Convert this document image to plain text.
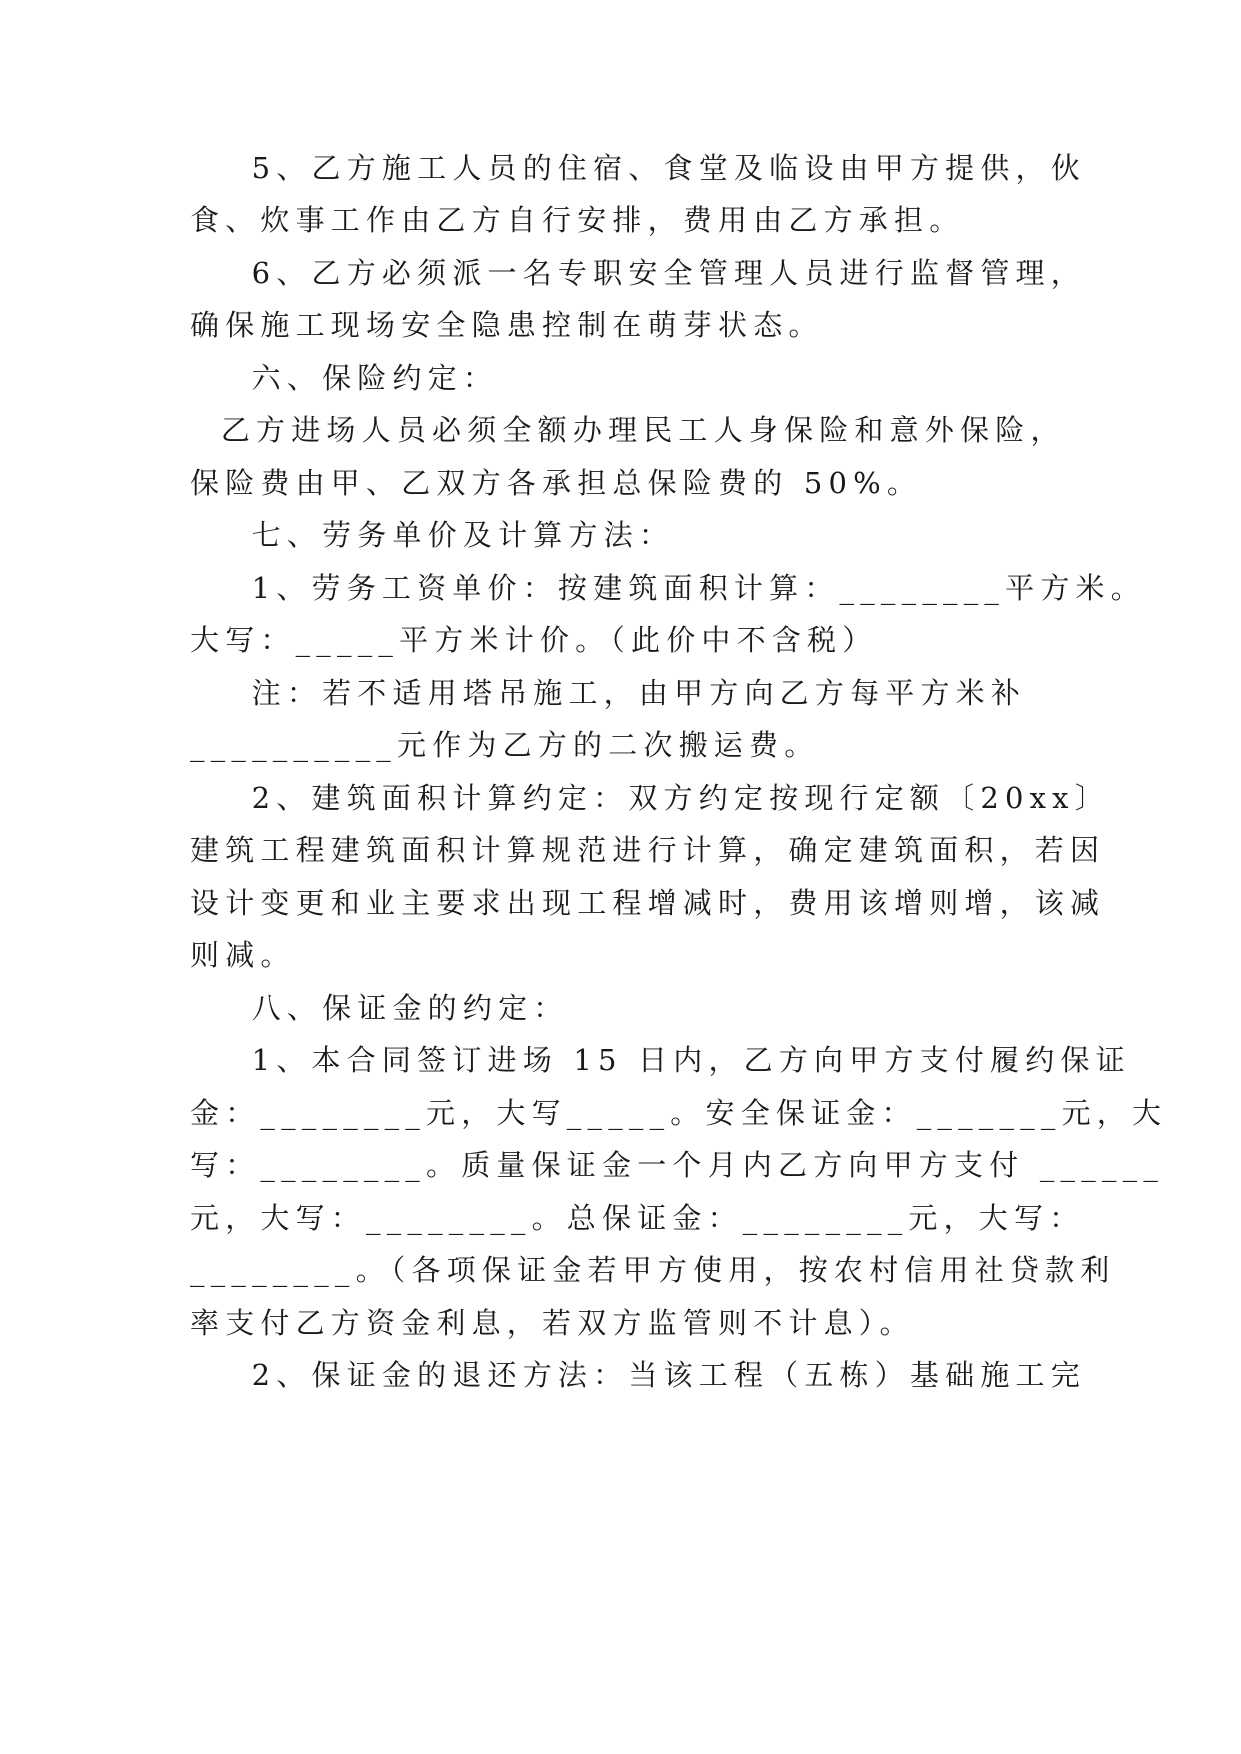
5、乙方施工人员的住宿、食堂及临设由甲方提供，伙
食、炊事工作由乙方自行安排，费用由乙方承担。
6、乙方必须派一名专职安全管理人员进行监督管理，
确保施工现场安全隐患控制在萌芽状态。
六、保险约定：
乙方进场人员必须全额办理民工人身保险和意外保险，
保险费由甲、乙双方各承担总保险费的 50%。
七、劳务单价及计算方法：
1、劳务工资单价：按建筑面积计算：________平方米。
大写：_____平方米计价。（此价中不含税）
注：若不适用塔吊施工，由甲方向乙方每平方米补
__________元作为乙方的二次搬运费。
2、建筑面积计算约定：双方约定按现行定额〔20xx〕
建筑工程建筑面积计算规范进行计算，确定建筑面积，若因
设计变更和业主要求出现工程增减时，费用该增则增，该减
则减。
八、保证金的约定：
1、本合同签订进场 15 日内，乙方向甲方支付履约保证
金：________元，大写_____。安全保证金：_______元，大
写：________。质量保证金一个月内乙方向甲方支付 ______
元，大写：________。总保证金：________元，大写：
________。（各项保证金若甲方使用，按农村信用社贷款利
率支付乙方资金利息，若双方监管则不计息）。
2、保证金的退还方法：当该工程（五栋）基础施工完
